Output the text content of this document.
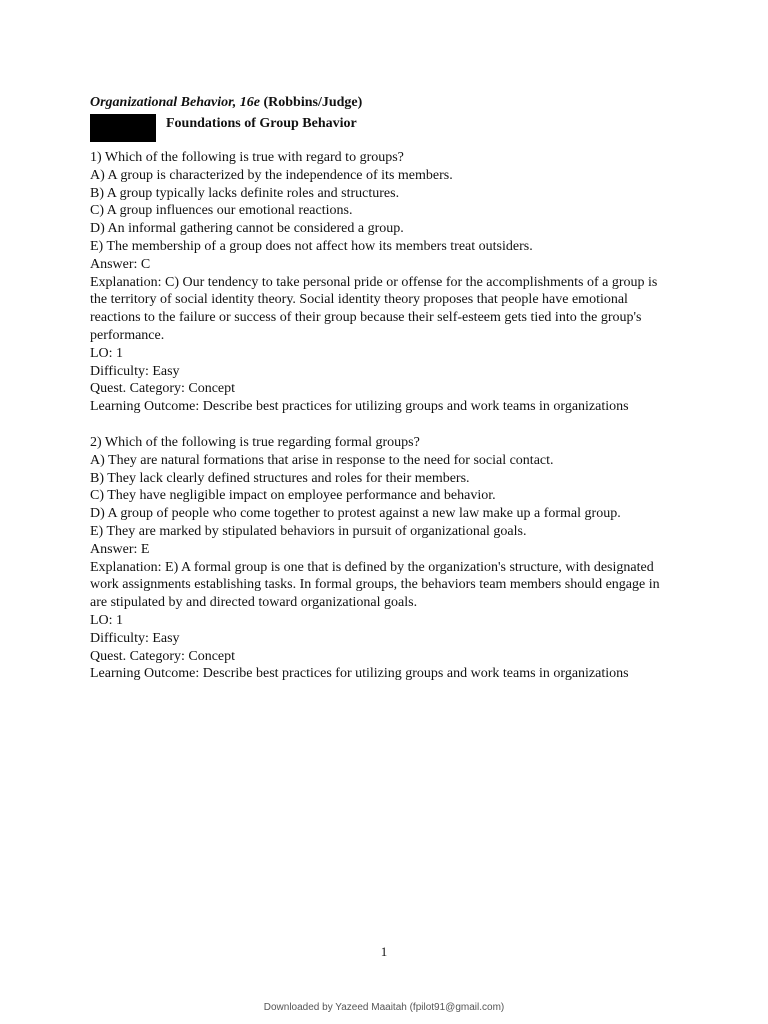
Organizational Behavior, 16e (Robbins/Judge)
Foundations of Group Behavior
1) Which of the following is true with regard to groups?
A) A group is characterized by the independence of its members.
B) A group typically lacks definite roles and structures.
C) A group influences our emotional reactions.
D) An informal gathering cannot be considered a group.
E) The membership of a group does not affect how its members treat outsiders.
Answer: C
Explanation: C) Our tendency to take personal pride or offense for the accomplishments of a group is the territory of social identity theory. Social identity theory proposes that people have emotional reactions to the failure or success of their group because their self-esteem gets tied into the group's performance.
LO: 1
Difficulty: Easy
Quest. Category: Concept
Learning Outcome: Describe best practices for utilizing groups and work teams in organizations
2) Which of the following is true regarding formal groups?
A) They are natural formations that arise in response to the need for social contact.
B) They lack clearly defined structures and roles for their members.
C) They have negligible impact on employee performance and behavior.
D) A group of people who come together to protest against a new law make up a formal group.
E) They are marked by stipulated behaviors in pursuit of organizational goals.
Answer: E
Explanation: E) A formal group is one that is defined by the organization's structure, with designated work assignments establishing tasks. In formal groups, the behaviors team members should engage in are stipulated by and directed toward organizational goals.
LO: 1
Difficulty: Easy
Quest. Category: Concept
Learning Outcome: Describe best practices for utilizing groups and work teams in organizations
1
Downloaded by Yazeed Maaitah (fpilot91@gmail.com)
